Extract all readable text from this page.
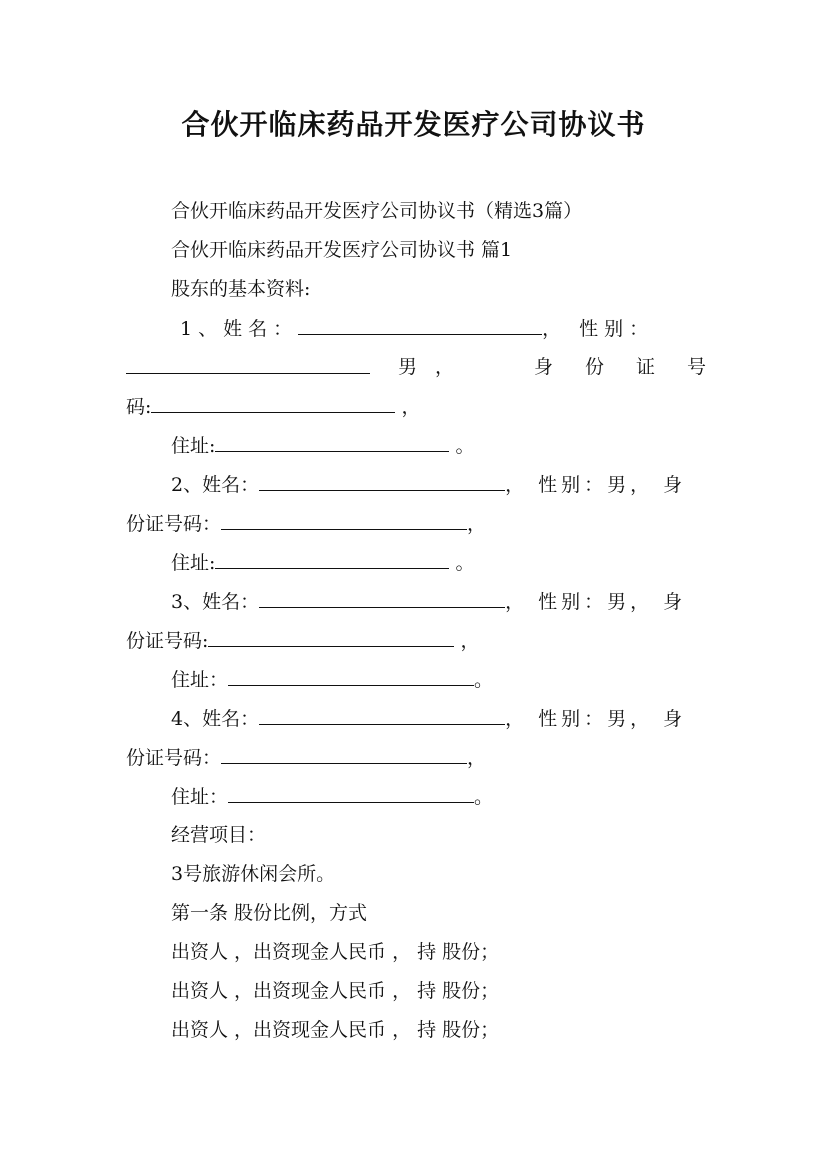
合伙开临床药品开发医疗公司协议书
合伙开临床药品开发医疗公司协议书（精选3篇）
合伙开临床药品开发医疗公司协议书 篇1
股东的基本资料:
1、姓名：	， 性别：
男，	身份证号
码:	，
住址:	。
2、姓名：	， 性别：男， 身
份证号码：	，
住址:	。
3、姓名：	， 性别：男， 身
份证号码:	，
住址：	。
4、姓名：	， 性别：男， 身
份证号码：	，
住址：	。
经营项目：
3号旅游休闲会所。
第一条 股份比例，方式
出资人 ，出资现金人民币 ， 持 股份；
出资人 ，出资现金人民币 ， 持 股份；
出资人 ，出资现金人民币 ， 持 股份；
